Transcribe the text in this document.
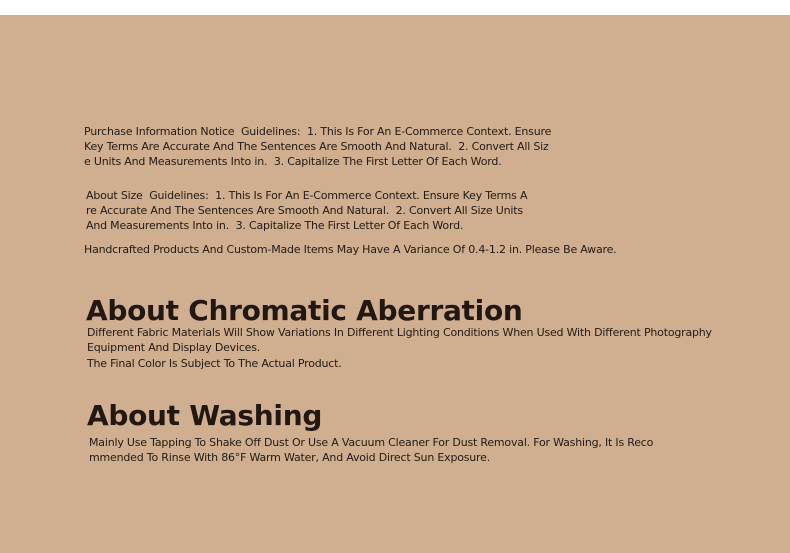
Purchase Information Notice  Guidelines:  1. This Is For An E-Commerce Context. Ensure Key Terms Are Accurate And The Sentences Are Smooth And Natural.  2. Convert All Size Units And Measurements Into in.  3. Capitalize The First Letter Of Each Word.

About Size  Guidelines:  1. This Is For An E-Commerce Context. Ensure Key Terms Are Accurate And The Sentences Are Smooth And Natural.  2. Convert All Size Units And Measurements Into in.  3. Capitalize The First Letter Of Each Word.

Handcrafted Products And Custom-Made Items May Have A Variance Of 0.4-1.2 in. Please Be Aware.

About Chromatic Aberration

Different Fabric Materials Will Show Variations In Different Lighting Conditions When Used With Different Photography Equipment And Display Devices.

The Final Color Is Subject To The Actual Product.

About Washing

Mainly Use Tapping To Shake Off Dust Or Use A Vacuum Cleaner For Dust Removal. For Washing, It Is Recommended To Rinse With 86°F Warm Water, And Avoid Direct Sun Exposure.
